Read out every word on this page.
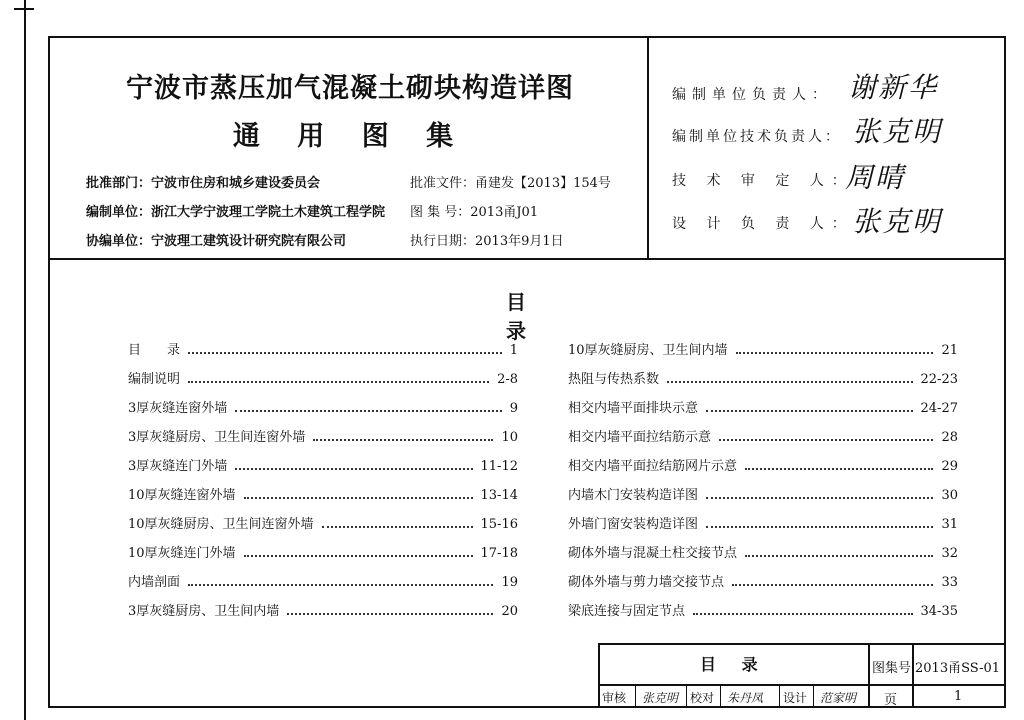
宁波市蒸压加气混凝土砌块构造详图
通 用 图 集
批准部门：宁波市住房和城乡建设委员会
编制单位：浙江大学宁波理工学院土木建筑工程学院
协编单位：宁波理工建筑设计研究院有限公司
批准文件：甬建发【2013】154号
图 集 号：2013甬J01
执行日期：2013年9月1日
编制单位负责人： 谢新华
编制单位技术负责人： 张克明
技 术 审 定 人：
周晴
设 计 负 责 人：
张克明
目 录
目　　录	1
编制说明	2-8
3厚灰缝连窗外墙	9
3厚灰缝厨房、卫生间连窗外墙	10
3厚灰缝连门外墙	11-12
10厚灰缝连窗外墙	13-14
10厚灰缝厨房、卫生间连窗外墙	15-16
10厚灰缝连门外墙	17-18
内墙剖面	19
3厚灰缝厨房、卫生间内墙	20
10厚灰缝厨房、卫生间内墙	21
热阻与传热系数	22-23
相交内墙平面排块示意	24-27
相交内墙平面拉结筋示意	28
相交内墙平面拉结筋网片示意	29
内墙木门安装构造详图	30
外墙门窗安装构造详图	31
砌体外墙与混凝土柱交接节点	32
砌体外墙与剪力墙交接节点	33
梁底连接与固定节点	34-35
目 录	图集号 2013甬SS-01
审核 张克明 校对 朱丹凤 设计 范家明 页	1
